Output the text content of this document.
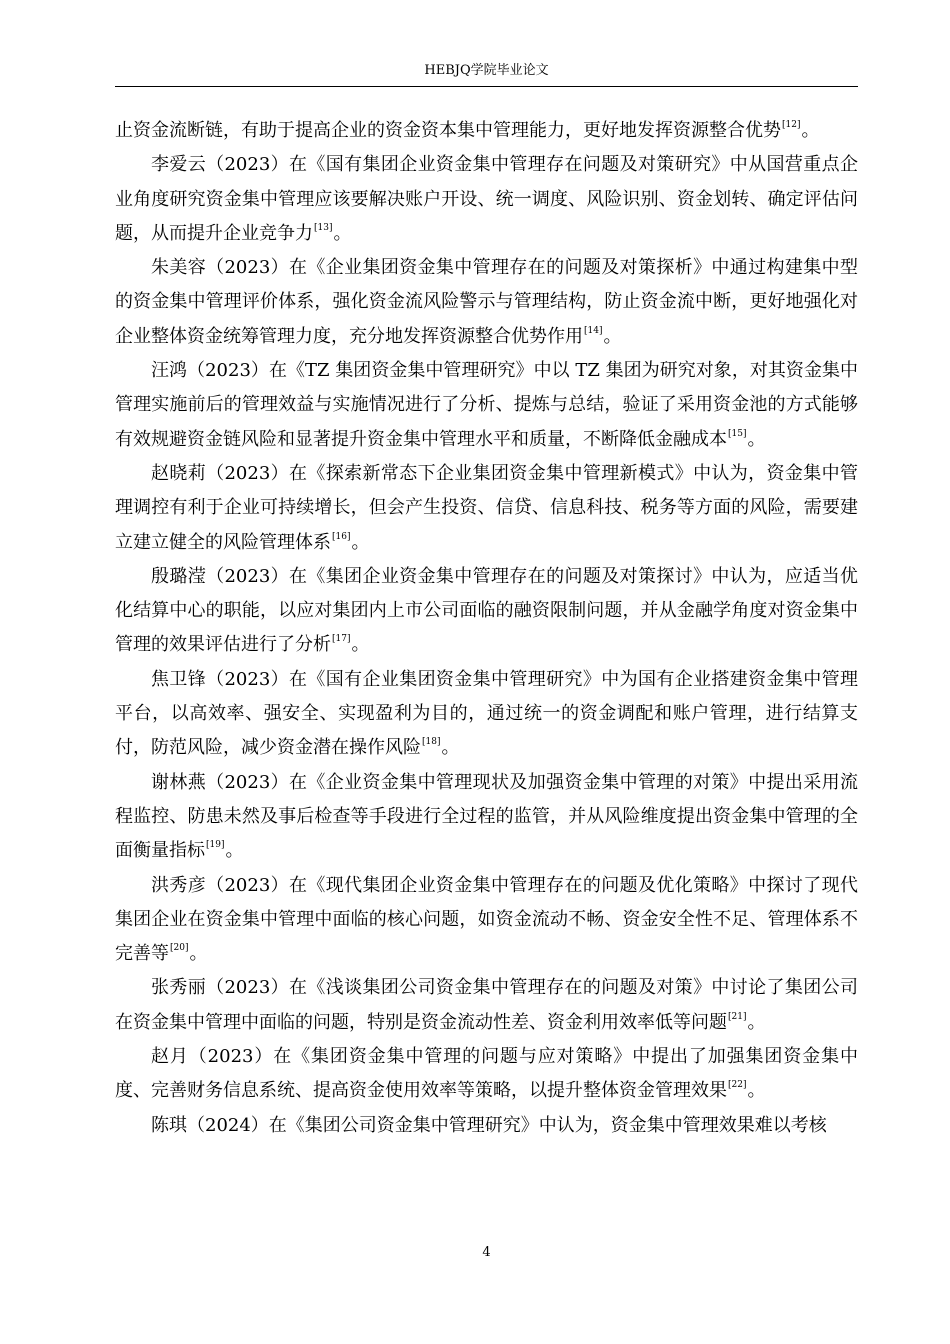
HEBJQ学院毕业论文

止资金流断链，有助于提高企业的资金资本集中管理能力，更好地发挥资源整合优势[12]。

李爱云（2023）在《国有集团企业资金集中管理存在问题及对策研究》中从国营重点企业角度研究资金集中管理应该要解决账户开设、统一调度、风险识别、资金划转、确定评估问题，从而提升企业竞争力[13]。

朱美容（2023）在《企业集团资金集中管理存在的问题及对策探析》中通过构建集中型的资金集中管理评价体系，强化资金流风险警示与管理结构，防止资金流中断，更好地强化对企业整体资金统筹管理力度，充分地发挥资源整合优势作用[14]。

汪鸿（2023）在《TZ 集团资金集中管理研究》中以 TZ 集团为研究对象，对其资金集中管理实施前后的管理效益与实施情况进行了分析、提炼与总结，验证了采用资金池的方式能够有效规避资金链风险和显著提升资金集中管理水平和质量，不断降低金融成本[15]。

赵晓莉（2023）在《探索新常态下企业集团资金集中管理新模式》中认为，资金集中管理调控有利于企业可持续增长，但会产生投资、信贷、信息科技、税务等方面的风险，需要建立建立健全的风险管理体系[16]。

殷璐滢（2023）在《集团企业资金集中管理存在的问题及对策探讨》中认为，应适当优化结算中心的职能，以应对集团内上市公司面临的融资限制问题，并从金融学角度对资金集中管理的效果评估进行了分析[17]。

焦卫锋（2023）在《国有企业集团资金集中管理研究》中为国有企业搭建资金集中管理平台，以高效率、强安全、实现盈利为目的，通过统一的资金调配和账户管理，进行结算支付，防范风险，减少资金潜在操作风险[18]。

谢林燕（2023）在《企业资金集中管理现状及加强资金集中管理的对策》中提出采用流程监控、防患未然及事后检查等手段进行全过程的监管，并从风险维度提出资金集中管理的全面衡量指标[19]。

洪秀彦（2023）在《现代集团企业资金集中管理存在的问题及优化策略》中探讨了现代集团企业在资金集中管理中面临的核心问题，如资金流动不畅、资金安全性不足、管理体系不完善等[20]。

张秀丽（2023）在《浅谈集团公司资金集中管理存在的问题及对策》中讨论了集团公司在资金集中管理中面临的问题，特别是资金流动性差、资金利用效率低等问题[21]。

赵月（2023）在《集团资金集中管理的问题与应对策略》中提出了加强集团资金集中度、完善财务信息系统、提高资金使用效率等策略，以提升整体资金管理效果[22]。

陈琪（2024）在《集团公司资金集中管理研究》中认为，资金集中管理效果难以考核

4
